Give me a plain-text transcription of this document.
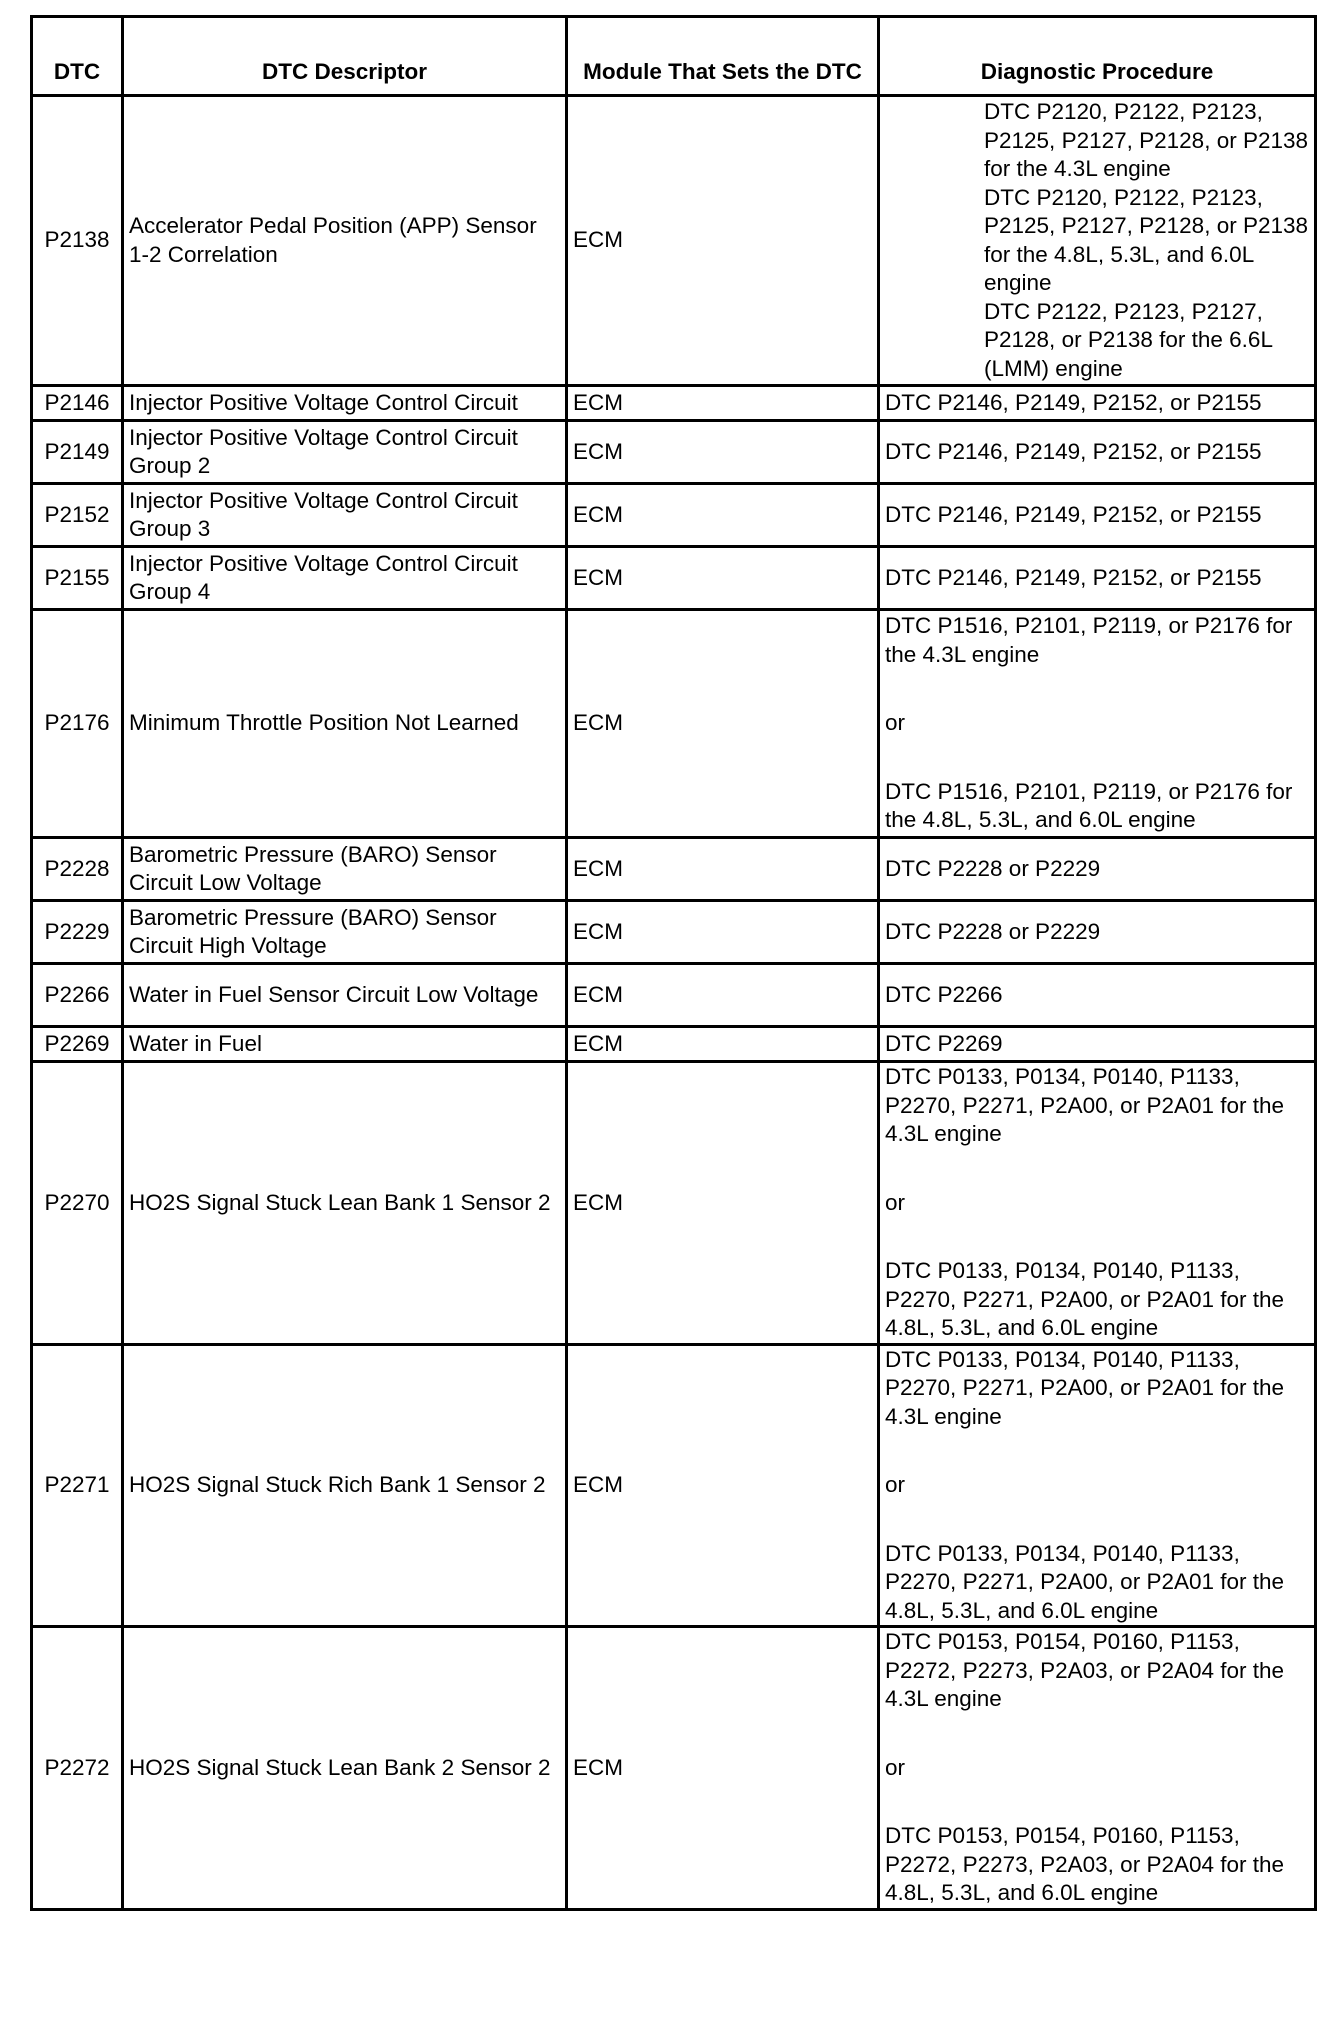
DTC	DTC Descriptor	Module That Sets the DTC	Diagnostic Procedure
P2138	Accelerator Pedal Position (APP) Sensor 1-2 Correlation	ECM	DTC P2120, P2122, P2123, P2125, P2127, P2128, or P2138 for the 4.3L engine
DTC P2120, P2122, P2123, P2125, P2127, P2128, or P2138 for the 4.8L, 5.3L, and 6.0L engine
DTC P2122, P2123, P2127, P2128, or P2138 for the 6.6L (LMM) engine

P2146	Injector Positive Voltage Control Circuit	ECM	DTC P2146, P2149, P2152, or P2155

P2149	Injector Positive Voltage Control Circuit Group 2	ECM	DTC P2146, P2149, P2152, or P2155

P2152	Injector Positive Voltage Control Circuit Group 3	ECM	DTC P2146, P2149, P2152, or P2155

P2155	Injector Positive Voltage Control Circuit Group 4	ECM	DTC P2146, P2149, P2152, or P2155

P2176	Minimum Throttle Position Not Learned	ECM	DTC P1516, P2101, P2119, or P2176 for the 4.3L engine
or
DTC P1516, P2101, P2119, or P2176 for the 4.8L, 5.3L, and 6.0L engine

P2228	Barometric Pressure (BARO) Sensor Circuit Low Voltage	ECM	DTC P2228 or P2229

P2229	Barometric Pressure (BARO) Sensor Circuit High Voltage	ECM	DTC P2228 or P2229

P2266	Water in Fuel Sensor Circuit Low Voltage	ECM	DTC P2266

P2269	Water in Fuel	ECM	DTC P2269

P2270	HO2S Signal Stuck Lean Bank 1 Sensor 2	ECM	DTC P0133, P0134, P0140, P1133, P2270, P2271, P2A00, or P2A01 for the 4.3L engine
or
DTC P0133, P0134, P0140, P1133, P2270, P2271, P2A00, or P2A01 for the 4.8L, 5.3L, and 6.0L engine

P2271	HO2S Signal Stuck Rich Bank 1 Sensor 2	ECM	DTC P0133, P0134, P0140, P1133, P2270, P2271, P2A00, or P2A01 for the 4.3L engine
or
DTC P0133, P0134, P0140, P1133, P2270, P2271, P2A00, or P2A01 for the 4.8L, 5.3L, and 6.0L engine

P2272	HO2S Signal Stuck Lean Bank 2 Sensor 2	ECM	DTC P0153, P0154, P0160, P1153, P2272, P2273, P2A03, or P2A04 for the 4.3L engine
or
DTC P0153, P0154, P0160, P1153, P2272, P2273, P2A03, or P2A04 for the 4.8L, 5.3L, and 6.0L engine
